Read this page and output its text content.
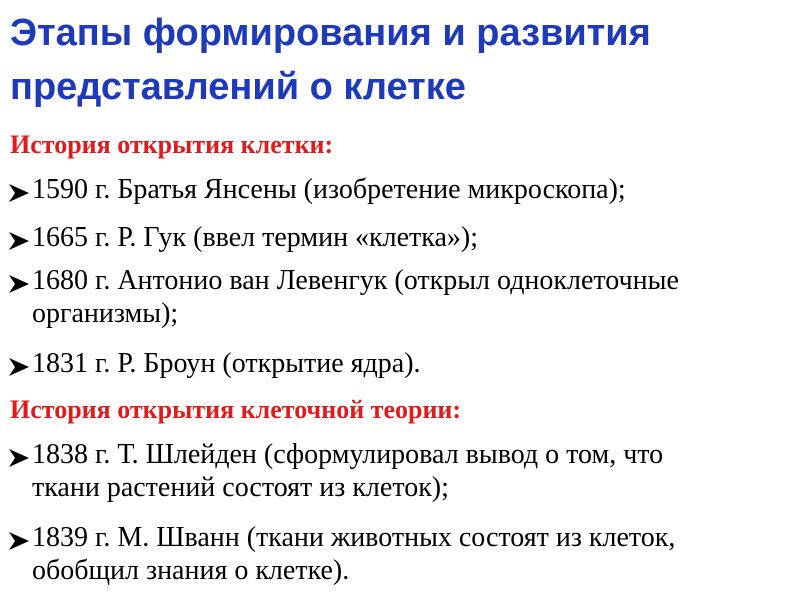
Этапы формирования и развития
представлений о клетке

История открытия клетки:

1590 г. Братья Янсены (изобретение микроскопа);
1665 г. Р. Гук (ввел термин «клетка»);
1680 г. Антонио ван Левенгук (открыл одноклеточные
организмы);
1831 г. Р. Броун (открытие ядра).

История открытия клеточной теории:

1838 г. Т. Шлейден (сформулировал вывод о том, что
ткани растений состоят из клеток);
1839 г. М. Шванн (ткани животных состоят из клеток,
обобщил знания о клетке).
